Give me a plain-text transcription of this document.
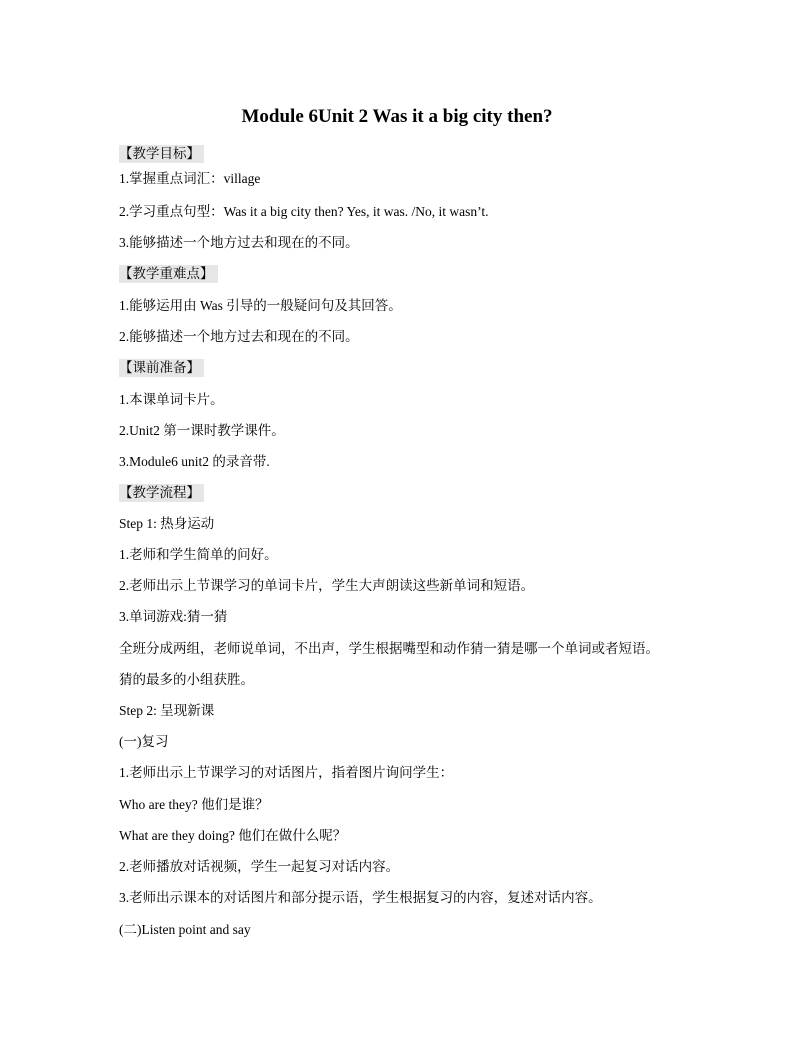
Module 6Unit 2 Was it a big city then?
【教学目标】
1.掌握重点词汇：village
2.学习重点句型：Was it a big city then? Yes, it was. /No, it wasn’t.
3.能够描述一个地方过去和现在的不同。
【教学重难点】
1.能够运用由 Was 引导的一般疑问句及其回答。
2.能够描述一个地方过去和现在的不同。
【课前准备】
1.本课单词卡片。
2.Unit2 第一课时教学课件。
3.Module6 unit2 的录音带.
【教学流程】
Step 1: 热身运动
1.老师和学生简单的问好。
2.老师出示上节课学习的单词卡片，学生大声朗读这些新单词和短语。
3.单词游戏:猜一猜
全班分成两组，老师说单词，不出声，学生根据嘴型和动作猜一猜是哪一个单词或者短语。
猜的最多的小组获胜。
Step 2: 呈现新课
(一)复习
1.老师出示上节课学习的对话图片，指着图片询问学生：
Who are they? 他们是谁？
What are they doing? 他们在做什么呢？
2.老师播放对话视频，学生一起复习对话内容。
3.老师出示课本的对话图片和部分提示语，学生根据复习的内容，复述对话内容。
(二)Listen point and say
